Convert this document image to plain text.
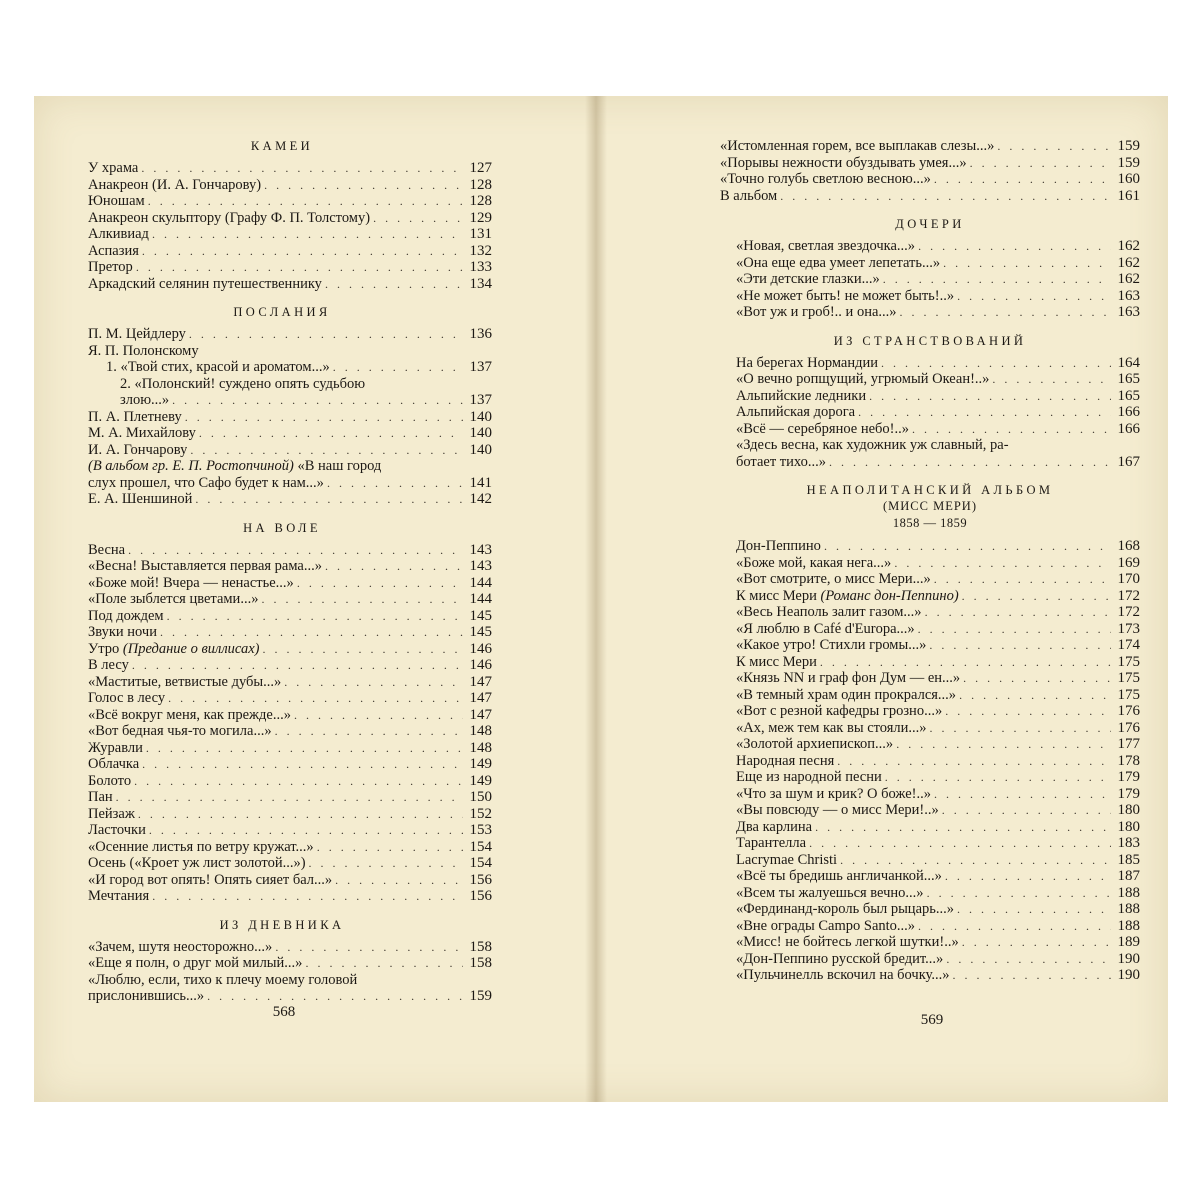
КАМЕИ
У храма . . .	127
Анакреон (И. А. Гончарову) . . .	128
Юношам . . .	128
Анакреон скульптору (Графу Ф. П. Толстому) . . .	129
Алкивиад . . .	131
Аспазия . . .	132
Претор . . .	133
Аркадский селянин путешественнику . . .	134
ПОСЛАНИЯ
П. М. Цейдлеру . . .	136
Я. П. Полонскому
1. «Твой стих, красой и ароматом...» . . .	137
2. «Полонский! суждено опять судьбою
злою...» . . .	137
П. А. Плетневу . . .	140
М. А. Михайлову . . .	140
И. А. Гончарову . . .	140
(В альбом гр. Е. П. Ростопчиной) «В наш город
слух прошел, что Сафо будет к нам...» . . .	141
Е. А. Шеншиной . . .	142
НА ВОЛЕ
Весна . . .	143
«Весна! Выставляется первая рама...» . . .	143
«Боже мой! Вчера — ненастье...» . . .	144
«Поле зыблется цветами...» . . .	144
Под дождем . . .	145
Звуки ночи . . .	145
Утро (Предание о виллисах) . . .	146
В лесу . . .	146
«Маститые, ветвистые дубы...» . . .	147
Голос в лесу . . .	147
«Всё вокруг меня, как прежде...» . . .	147
«Вот бедная чья-то могила...» . . .	148
Журавли . . .	148
Облачка . . .	149
Болото . . .	149
Пан . . .	150
Пейзаж . . .	152
Ласточки . . .	153
«Осенние листья по ветру кружат...» . . .	154
Осень («Кроет уж лист золотой...») . . .	154
«И город вот опять! Опять сияет бал...» . . .	156
Мечтания . . .	156
ИЗ ДНЕВНИКА
«Зачем, шутя неосторожно...» . . .	158
«Еще я полн, о друг мой милый...» . . .	158
«Люблю, если, тихо к плечу моему головой
прислонившись...» . . .	159
«Истомленная горем, все выплакав слезы...» . . .	159
«Порывы нежности обуздывать умея...» . . .	159
«Точно голубь светлою весною...» . . .	160
В альбом . . .	161
ДОЧЕРИ
«Новая, светлая звездочка...» . . .	162
«Она еще едва умеет лепетать...» . . .	162
«Эти детские глазки...» . . .	162
«Не может быть! не может быть!..» . . .	163
«Вот уж и гроб!.. и она...» . . .	163
ИЗ СТРАНСТВОВАНИЙ
На берегах Нормандии . . .	164
«О вечно ропщущий, угрюмый Океан!..» . . .	165
Альпийские ледники . . .	165
Альпийская дорога . . .	166
«Всё — серебряное небо!..» . . .	166
«Здесь весна, как художник уж славный, ра-
ботает тихо...» . . .	167
НЕАПОЛИТАНСКИЙ АЛЬБОМ
(МИСС МЕРИ)
1858 — 1859
Дон-Пеппино . . .	168
«Боже мой, какая нега...» . . .	169
«Вот смотрите, о мисс Мери...» . . .	170
К мисс Мери (Романс дон-Пеппино) . . .	172
«Весь Неаполь залит газом...» . . .	172
«Я люблю в Café d'Europa...» . . .	173
«Какое утро! Стихли громы...» . . .	174
К мисс Мери . . .	175
«Князь NN и граф фон Дум — ен...» . . .	175
«В темный храм один прокрался...» . . .	175
«Вот с резной кафедры грозно...» . . .	176
«Ах, меж тем как вы стояли...» . . .	176
«Золотой архиепископ...» . . .	177
Народная песня . . .	178
Еще из народной песни . . .	179
«Что за шум и крик? О боже!..» . . .	179
«Вы повсюду — о мисс Мери!..» . . .	180
Два карлина . . .	180
Тарантелла . . .	183
Lacrymae Christi . . .	185
«Всё ты бредишь англичанкой...» . . .	187
«Всем ты жалуешься вечно...» . . .	188
«Фердинанд-король был рыцарь...» . . .	188
«Вне ограды Campo Santo...» . . .	188
«Мисс! не бойтесь легкой шутки!..» . . .	189
«Дон-Пеппино русской бредит...» . . .	190
«Пульчинелль вскочил на бочку...» . . .	190
568	569
